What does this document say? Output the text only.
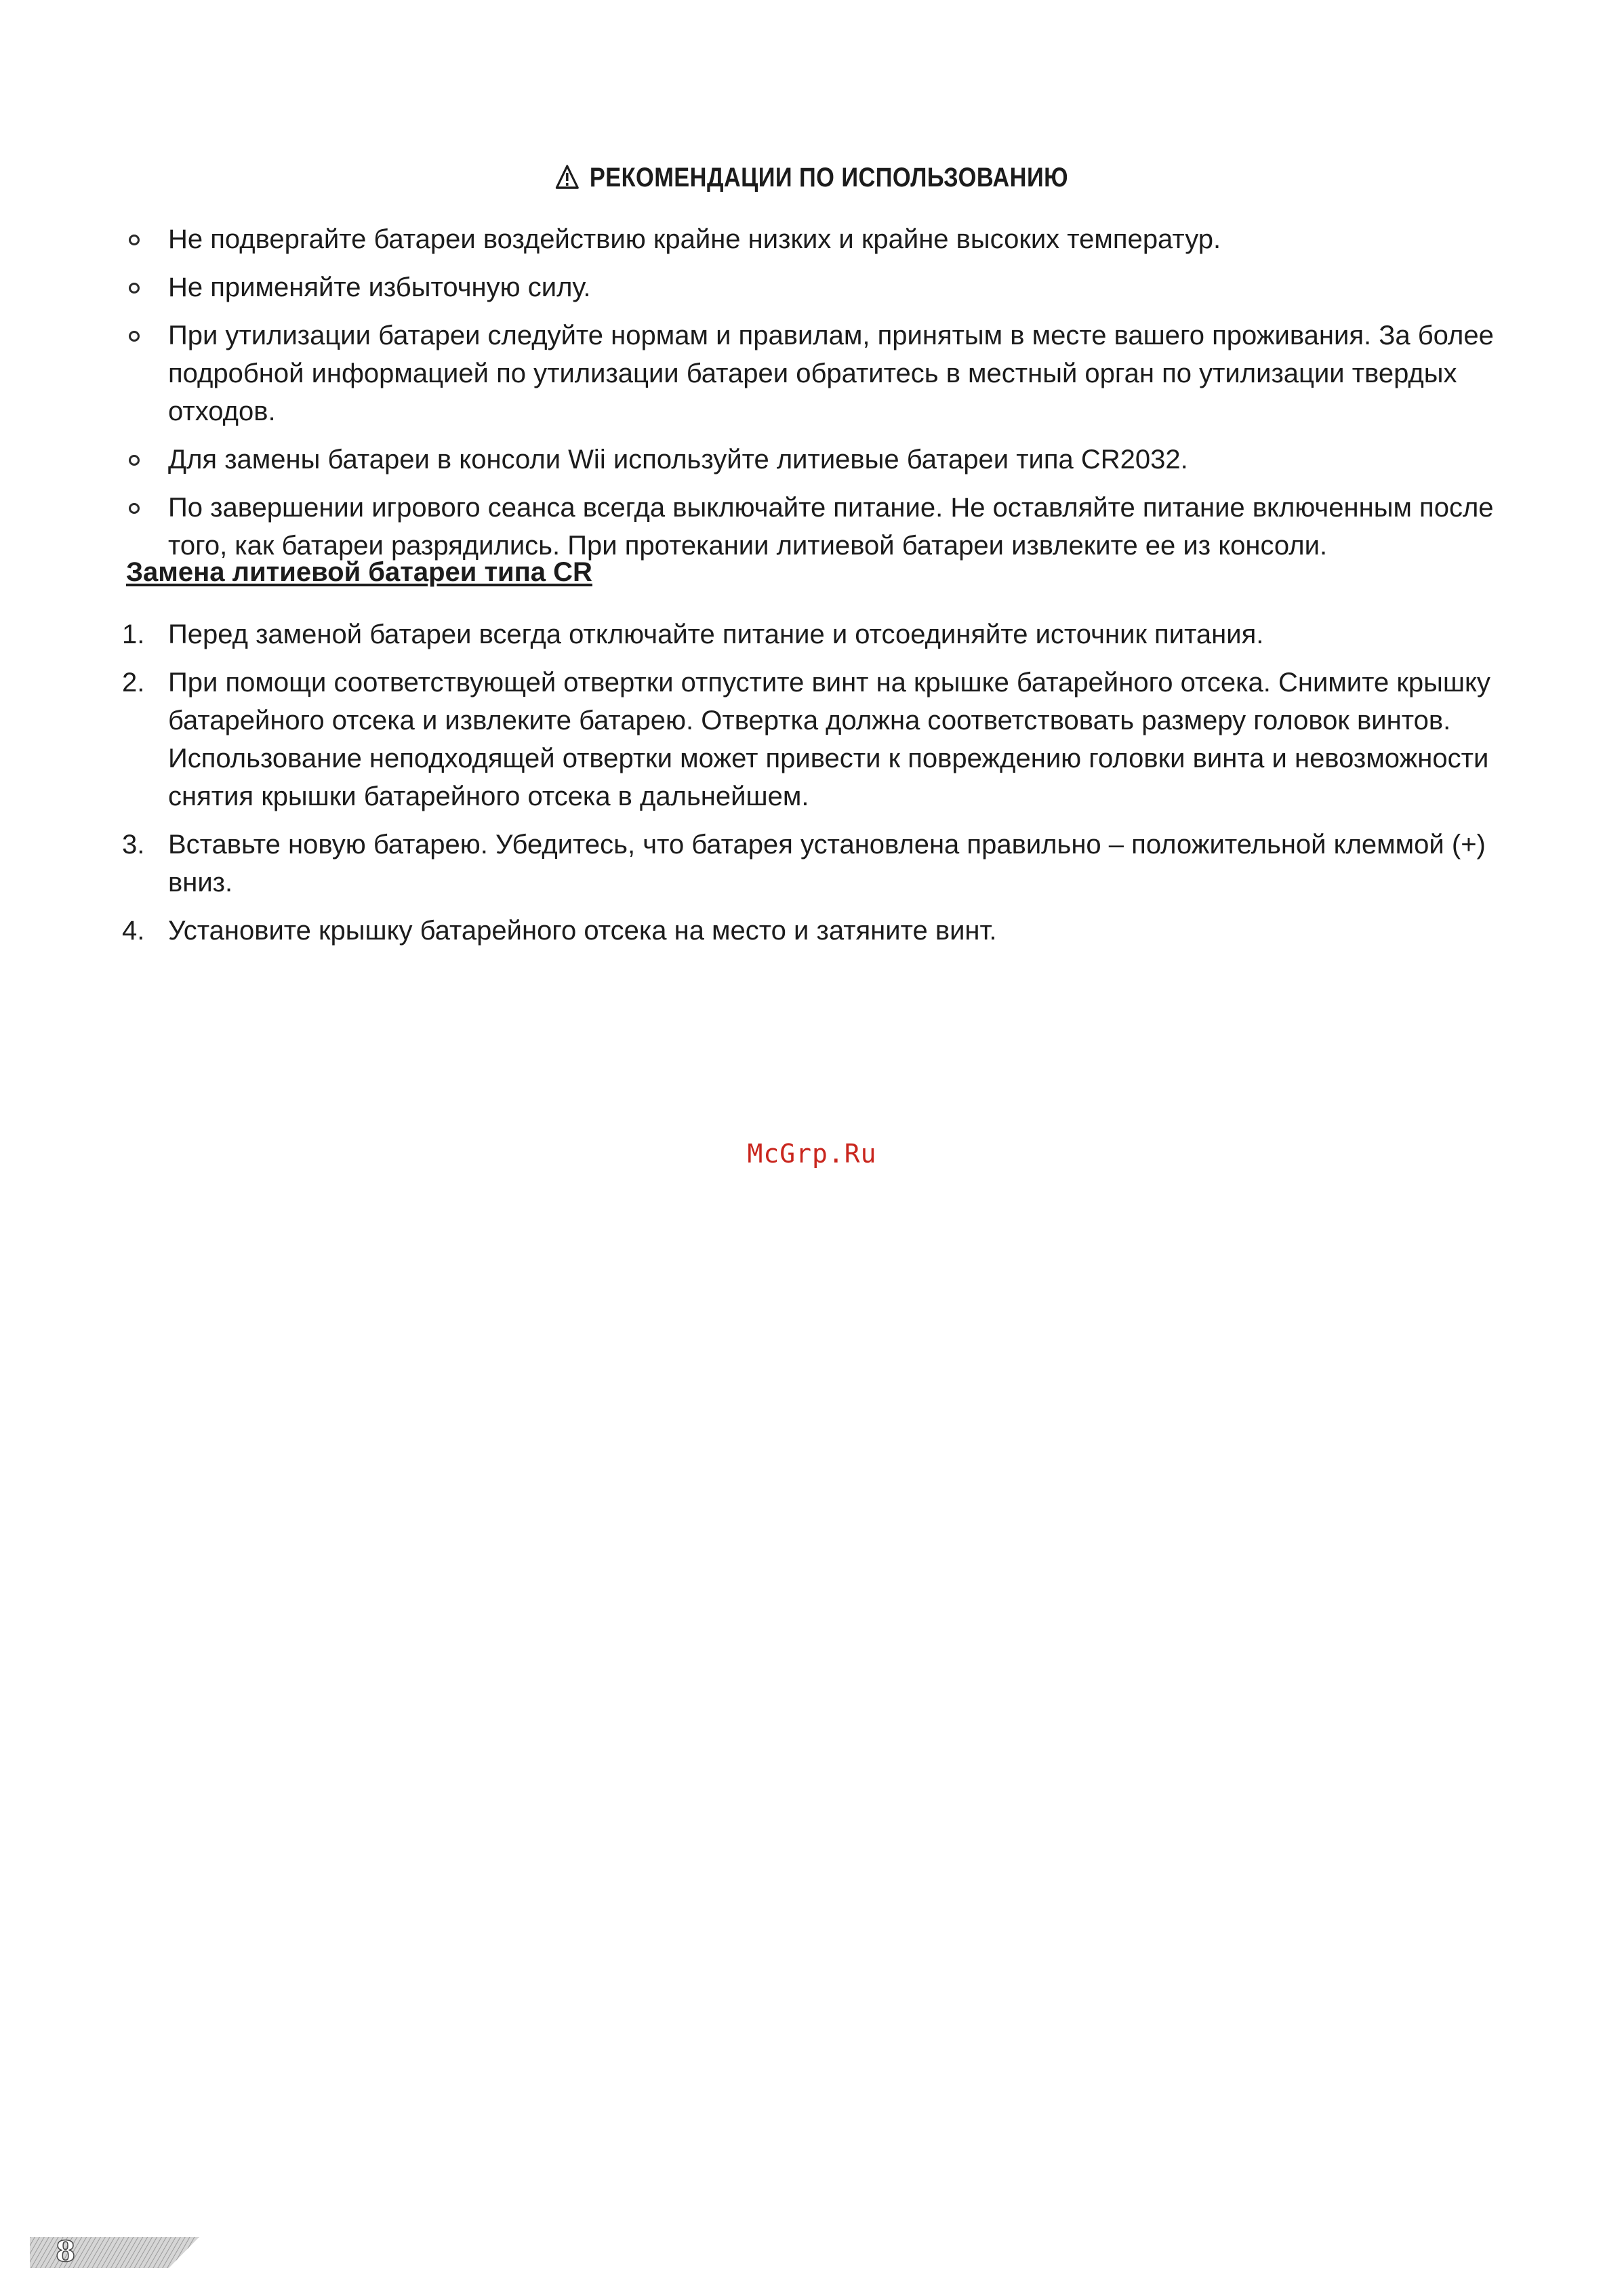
РЕКОМЕНДАЦИИ ПО ИСПОЛЬЗОВАНИЮ
Не подвергайте батареи воздействию крайне низких и крайне высоких температур.
Не применяйте избыточную силу.
При утилизации батареи следуйте нормам и правилам, принятым в месте вашего проживания. За более подробной информацией по утилизации батареи обратитесь в местный орган по утилизации твердых отходов.
Для замены батареи в консоли Wii используйте литиевые батареи типа CR2032.
По завершении игрового сеанса всегда выключайте питание. Не оставляйте питание включенным после того, как батареи разрядились. При протекании литиевой батареи извлеките ее из консоли.
Замена литиевой батареи типа CR
1. Перед заменой батареи всегда отключайте питание и отсоединяйте источник питания.
2. При помощи соответствующей отвертки отпустите винт на крышке батарейного отсека. Снимите крышку батарейного отсека и извлеките батарею. Отвертка должна соответствовать размеру головок винтов. Использование неподходящей отвертки может привести к повреждению головки винта и невозможности снятия крышки батарейного отсека в дальнейшем.
3. Вставьте новую батарею. Убедитесь, что батарея установлена правильно – положительной клеммой (+) вниз.
4. Установите крышку батарейного отсека на место и затяните винт.
McGrp.Ru
8
